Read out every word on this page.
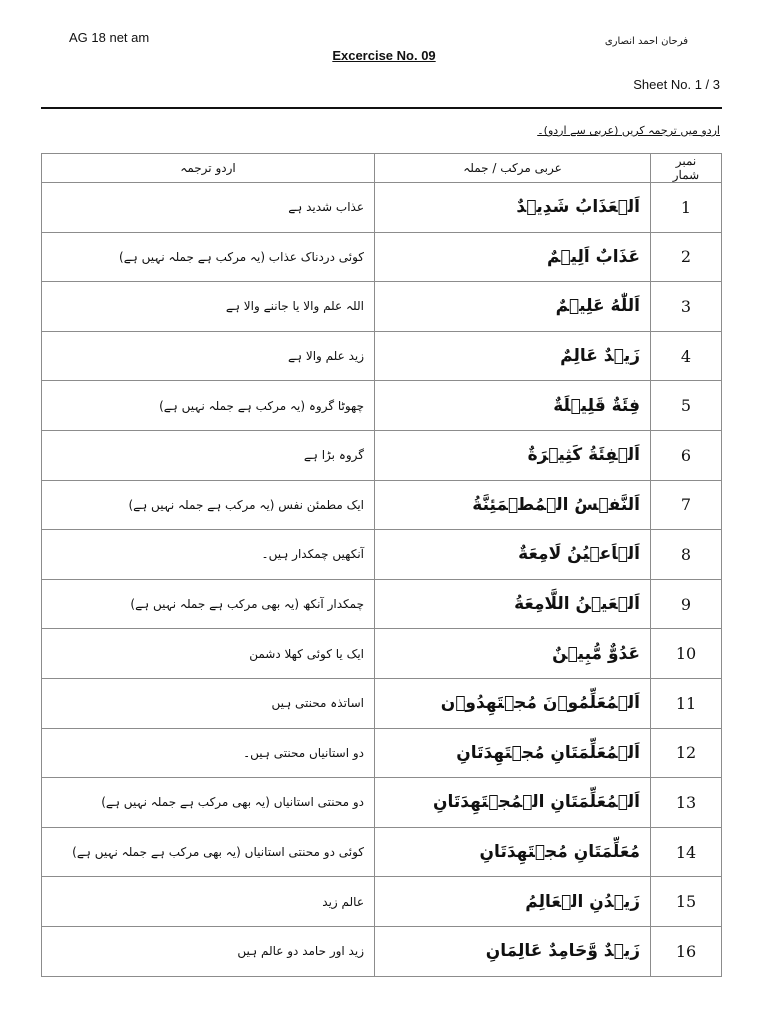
AG 18 net am	فرحان احمد انصاری
Excercise No. 09
Sheet No. 1 / 3
اردو میں ترجمہ کریں (عربی سے اردو)۔
نمبر شمار	عربی مرکب / جملہ	اردو ترجمہ
1	اَلۡعَذَابُ شَدِيۡدٌ	عذاب شدید ہے
2	عَذَابٌ اَلِيۡمٌ	کوئی دردناک عذاب (یہ مرکب ہے جملہ نہیں ہے)
3	اَللّٰهُ عَلِيۡمٌ	اللہ علم والا یا جاننے والا ہے
4	زَيۡدٌ عَالِمٌ	زید علم والا ہے
5	فِئَةٌ قَلِيۡلَةٌ	چھوٹا گروہ (یہ مرکب ہے جملہ نہیں ہے)
6	اَلۡفِئَةُ كَثِيۡرَةٌ	گروہ بڑا ہے
7	اَلنَّفۡسُ الۡمُطۡمَئِنَّةُ	ایک مطمئن نفس (یہ مرکب ہے جملہ نہیں ہے)
8	اَلۡاَعۡيُنُ لَامِعَةٌ	آنکھیں چمکدار ہیں۔
9	اَلۡعَيۡنُ اللَّامِعَةُ	چمکدار آنکھ (یہ بھی مرکب ہے جملہ نہیں ہے)
10	عَدُوٌّ مُّبِيۡنٌ	ایک یا کوئی کھلا دشمن
11	اَلۡمُعَلِّمُوۡنَ مُجۡتَهِدُوۡن	اساتذہ محنتی ہیں
12	اَلۡمُعَلِّمَتَانِ مُجۡتَهِدَتَانِ	دو استانیاں محنتی ہیں۔
13	اَلۡمُعَلِّمَتَانِ الۡمُجۡتَهِدَتَانِ	دو محنتی استانیاں (یہ بھی مرکب ہے جملہ نہیں ہے)
14	مُعَلِّمَتَانِ مُجۡتَهِدَتَانِ	کوئی دو محنتی استانیاں (یہ بھی مرکب ہے جملہ نہیں ہے)
15	زَيۡدُنِ الۡعَالِمُ	عالم زید
16	زَيۡدٌ وَّحَامِدٌ عَالِمَانِ	زید اور حامد دو عالم ہیں
